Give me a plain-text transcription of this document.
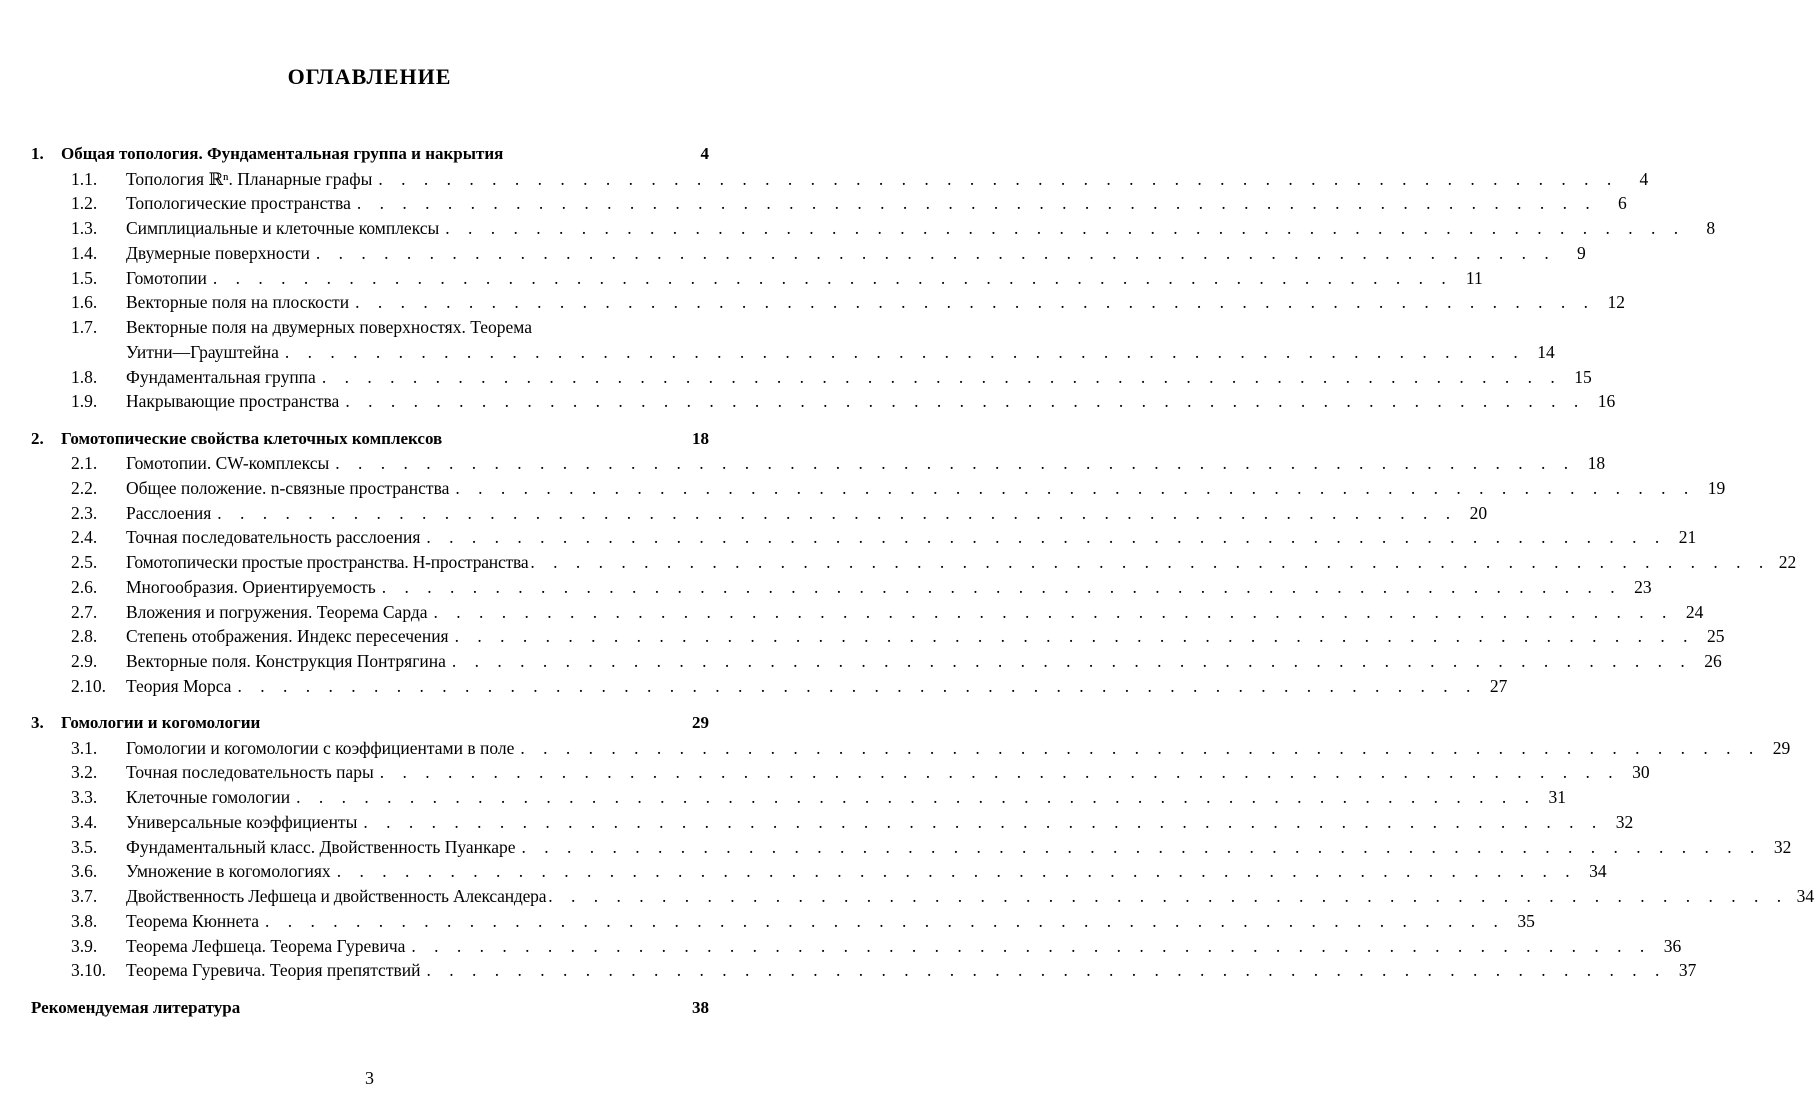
ОГЛАВЛЕНИЕ
1.	Общая топология. Фундаментальная группа и накрытия	4
1.1.	Топология ℝⁿ. Планарные графы . . . . . . . . . . . . . . . . . . . . . . . . . . . . . . . . . . . . . . . . . . . . . . . . . . . . . . .	4
1.2.	Топологические пространства . . . . . . . . . . . . . . . . . . . . . . . . . . . . . . . . . . . . . . . . . . . . . . . . . . . . . . .	6
1.3.	Симплициальные и клеточные комплексы . . . . . . . . . . . . . . . . . . . . . . . . . . . . . . . . . . . . . . . . . . . . . . . . . . . . . . .	8
1.4.	Двумерные поверхности . . . . . . . . . . . . . . . . . . . . . . . . . . . . . . . . . . . . . . . . . . . . . . . . . . . . . . .	9
1.5.	Гомотопии . . . . . . . . . . . . . . . . . . . . . . . . . . . . . . . . . . . . . . . . . . . . . . . . . . . . . . . 11
1.6.	Векторные поля на плоскости . . . . . . . . . . . . . . . . . . . . . . . . . . . . . . . . . . . . . . . . . . . . . . . . . . . . . . . 12
1.7.	Векторные поля на двумерных поверхностях. Теорема
Уитни—Грауштейна . . . . . . . . . . . . . . . . . . . . . . . . . . . . . . . . . . . . . . . . . . . . . . . . . . . . . . . 14
1.8.	Фундаментальная группа . . . . . . . . . . . . . . . . . . . . . . . . . . . . . . . . . . . . . . . . . . . . . . . . . . . . . . . 15
1.9.	Накрывающие пространства . . . . . . . . . . . . . . . . . . . . . . . . . . . . . . . . . . . . . . . . . . . . . . . . . . . . . . . 16
2.	Гомотопические свойства клеточных комплексов	18
2.1.	Гомотопии. CW-комплексы . . . . . . . . . . . . . . . . . . . . . . . . . . . . . . . . . . . . . . . . . . . . . . . . . . . . . . . 18
2.2.	Общее положение. n-связные пространства . . . . . . . . . . . . . . . . . . . . . . . . . . . . . . . . . . . . . . . . . . . . . . . . . . . . . . . 19
2.3.	Расслоения . . . . . . . . . . . . . . . . . . . . . . . . . . . . . . . . . . . . . . . . . . . . . . . . . . . . . . . 20
2.4.	Точная последовательность расслоения . . . . . . . . . . . . . . . . . . . . . . . . . . . . . . . . . . . . . . . . . . . . . . . . . . . . . . . 21
2.5.	Гомотопически простые пространства. H-пространства . . . . . . . . . . . . . . . . . . . . . . . . . . . . . . . . . . . . . . . . . . . . . . . . . . . . . . . 22
2.6.	Многообразия. Ориентируемость . . . . . . . . . . . . . . . . . . . . . . . . . . . . . . . . . . . . . . . . . . . . . . . . . . . . . . . 23
2.7.	Вложения и погружения. Теорема Сарда . . . . . . . . . . . . . . . . . . . . . . . . . . . . . . . . . . . . . . . . . . . . . . . . . . . . . . . 24
2.8.	Степень отображения. Индекс пересечения . . . . . . . . . . . . . . . . . . . . . . . . . . . . . . . . . . . . . . . . . . . . . . . . . . . . . . . 25
2.9.	Векторные поля. Конструкция Понтрягина . . . . . . . . . . . . . . . . . . . . . . . . . . . . . . . . . . . . . . . . . . . . . . . . . . . . . . . 26
2.10.	Теория Морса . . . . . . . . . . . . . . . . . . . . . . . . . . . . . . . . . . . . . . . . . . . . . . . . . . . . . . . 27
3.	Гомологии и когомологии	29
3.1.	Гомологии и когомологии с коэффициентами в поле . . . . . . . . . . . . . . . . . . . . . . . . . . . . . . . . . . . . . . . . . . . . . . . . . . . . . . . 29
3.2.	Точная последовательность пары . . . . . . . . . . . . . . . . . . . . . . . . . . . . . . . . . . . . . . . . . . . . . . . . . . . . . . . 30
3.3.	Клеточные гомологии . . . . . . . . . . . . . . . . . . . . . . . . . . . . . . . . . . . . . . . . . . . . . . . . . . . . . . . 31
3.4.	Универсальные коэффициенты . . . . . . . . . . . . . . . . . . . . . . . . . . . . . . . . . . . . . . . . . . . . . . . . . . . . . . . 32
3.5.	Фундаментальный класс. Двойственность Пуанкаре . . . . . . . . . . . . . . . . . . . . . . . . . . . . . . . . . . . . . . . . . . . . . . . . . . . . . . . 32
3.6.	Умножение в когомологиях . . . . . . . . . . . . . . . . . . . . . . . . . . . . . . . . . . . . . . . . . . . . . . . . . . . . . . . 34
3.7.	Двойственность Лефшеца и двойственность Александера . . . . . . . . . . . . . . . . . . . . . . . . . . . . . . . . . . . . . . . . . . . . . . . . . . . . . . . 34
3.8.	Теорема Кюннета . . . . . . . . . . . . . . . . . . . . . . . . . . . . . . . . . . . . . . . . . . . . . . . . . . . . . . . 35
3.9.	Теорема Лефшеца. Теорема Гуревича . . . . . . . . . . . . . . . . . . . . . . . . . . . . . . . . . . . . . . . . . . . . . . . . . . . . . . . 36
3.10.	Теорема Гуревича. Теория препятствий . . . . . . . . . . . . . . . . . . . . . . . . . . . . . . . . . . . . . . . . . . . . . . . . . . . . . . . 37
Рекомендуемая литература	38
3
